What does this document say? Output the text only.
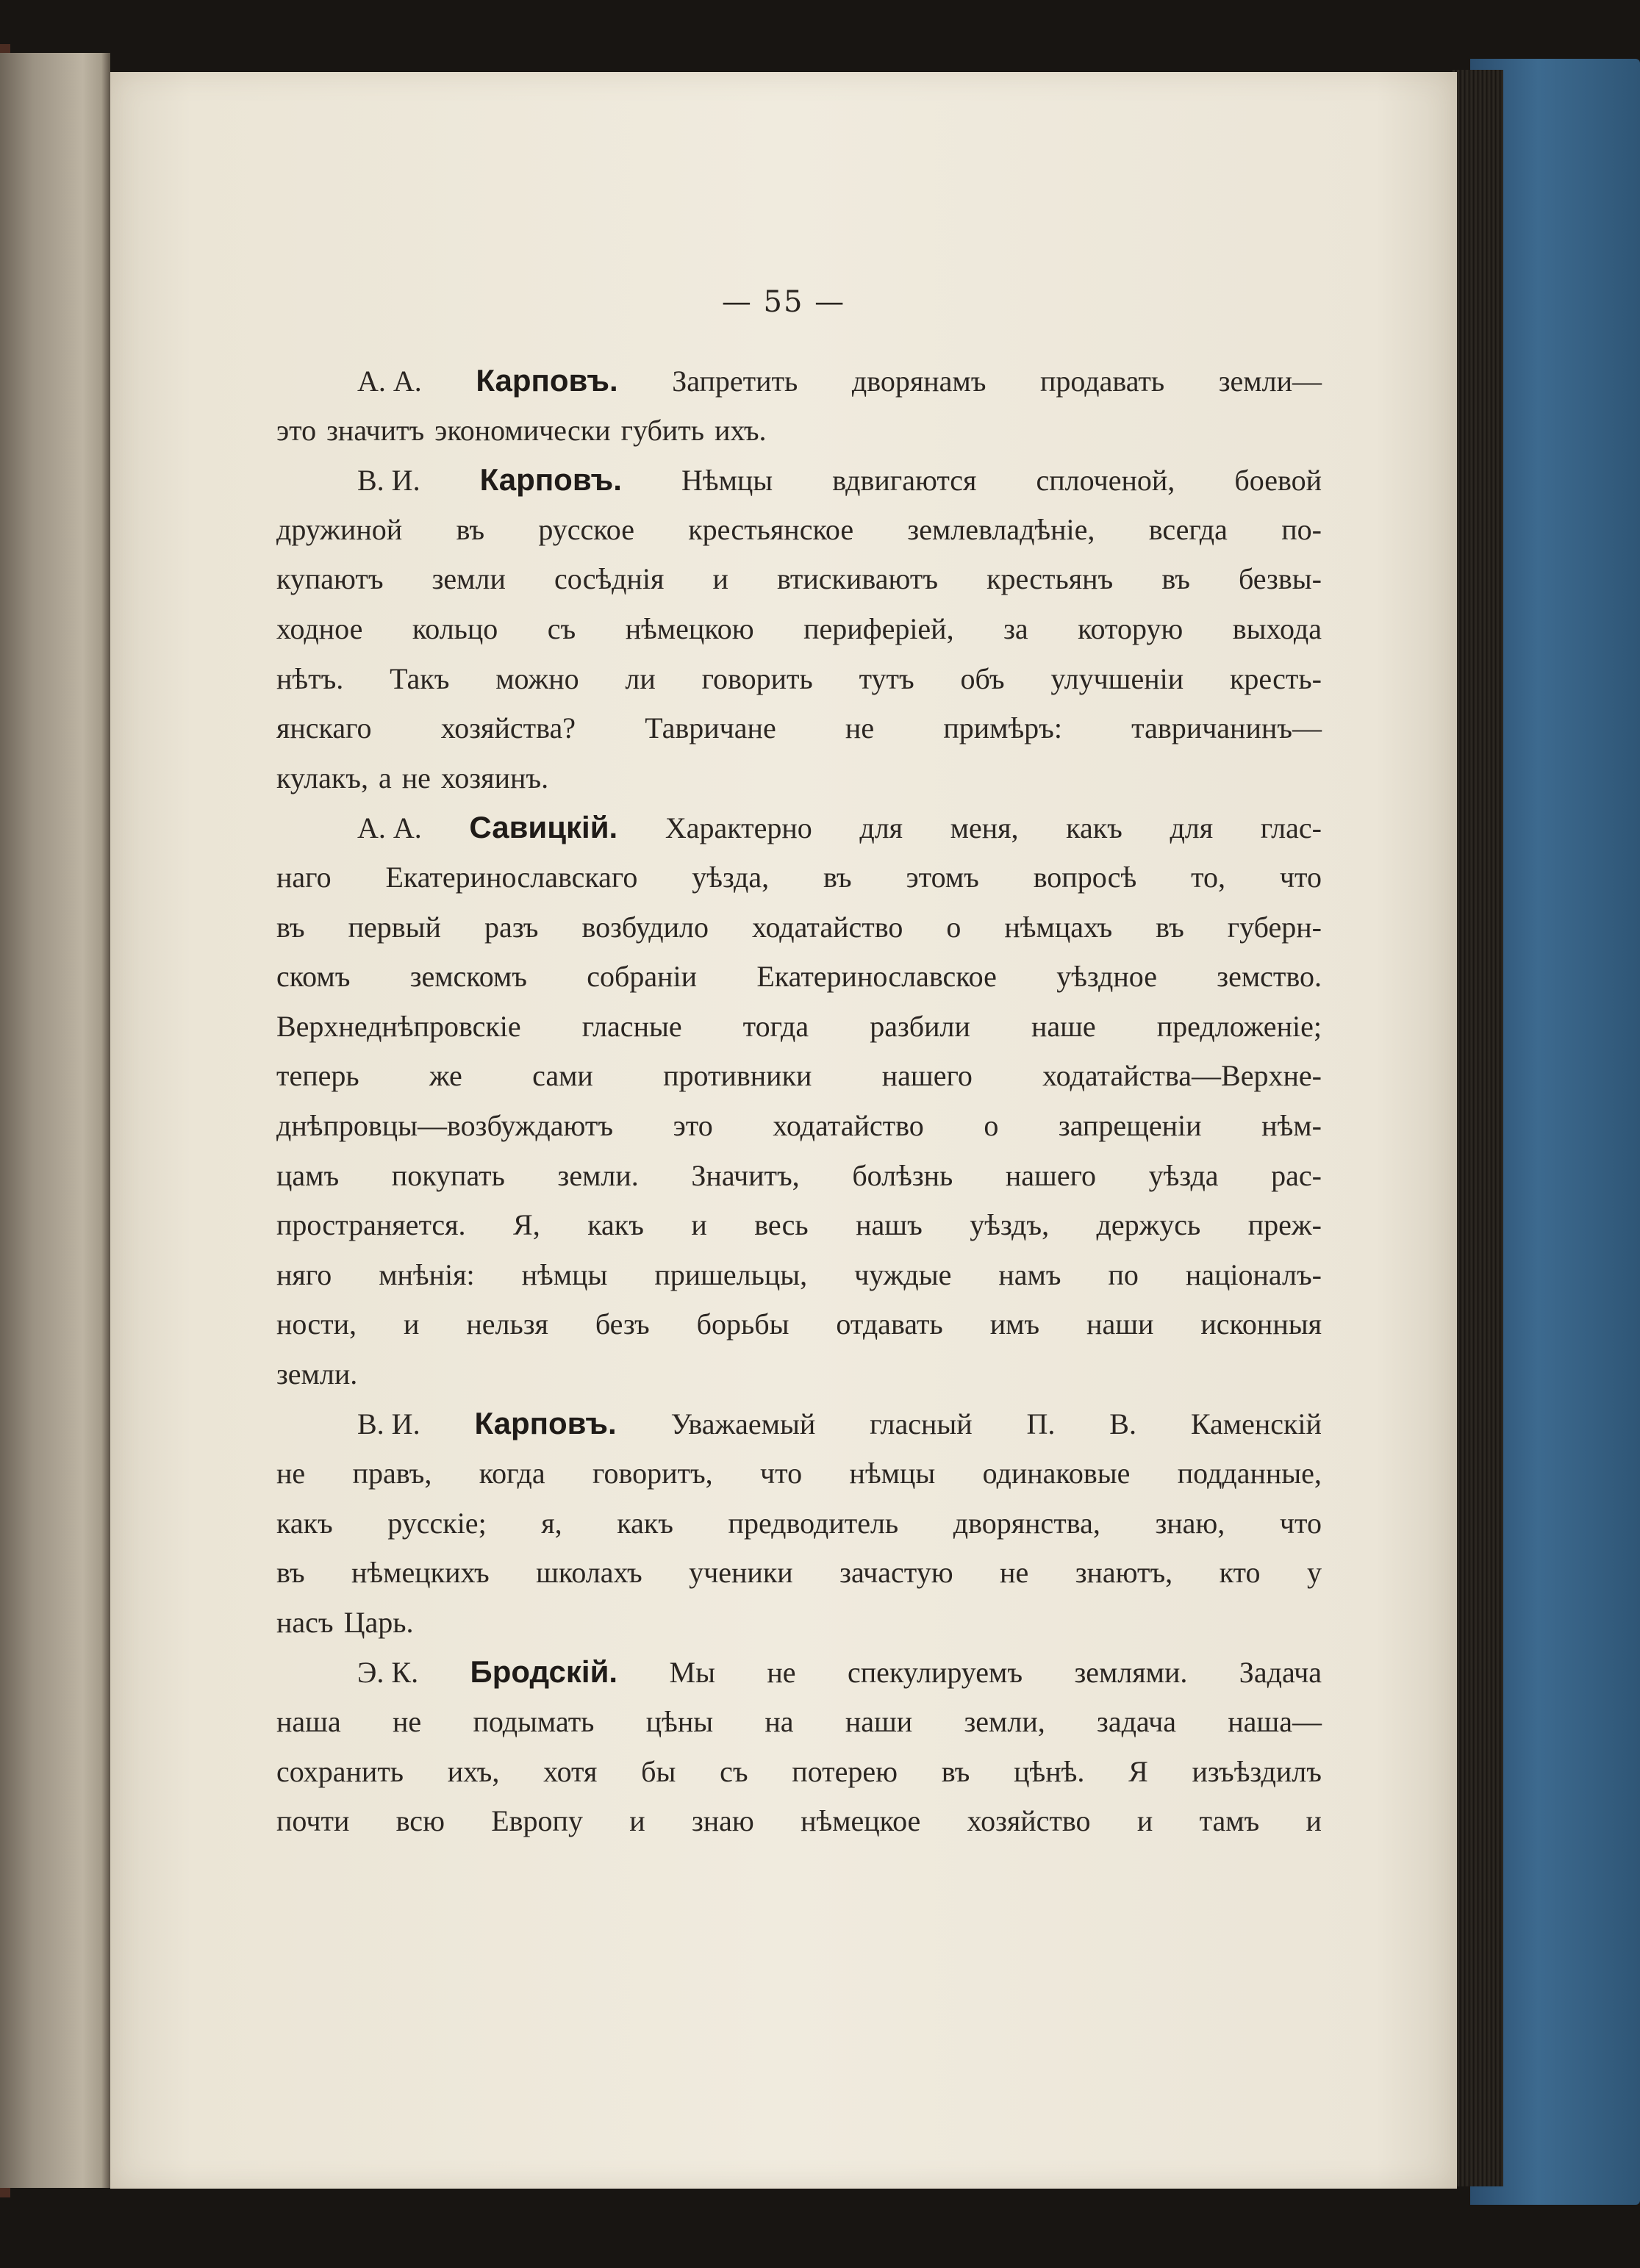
— 55 —
А. А. Карповъ. Запретить дворянамъ продавать земли—
это значитъ экономически губить ихъ.
В. И. Карповъ. Нѣмцы вдвигаются сплоченой, боевой
дружиной въ русское крестьянское землевладѣніе, всегда по-
купаютъ земли сосѣднія и втискиваютъ крестьянъ въ безвы-
ходное кольцо съ нѣмецкою периферіей, за которую выхода
нѣтъ. Такъ можно ли говорить тутъ объ улучшеніи кресть-
янскаго хозяйства? Тавричане не примѣръ: тавричанинъ—
кулакъ, а не хозяинъ.
А. А. Савицкій. Характерно для меня, какъ для глас-
наго Екатеринославскаго уѣзда, въ этомъ вопросѣ то, что
въ первый разъ возбудило ходатайство о нѣмцахъ въ губерн-
скомъ земскомъ собраніи Екатеринославское уѣздное земство.
Верхнеднѣпровскіе гласные тогда разбили наше предложеніе;
теперь же сами противники нашего ходатайства—Верхне-
днѣпровцы—возбуждаютъ это ходатайство о запрещеніи нѣм-
цамъ покупать земли. Значитъ, болѣзнь нашего уѣзда рас-
пространяется. Я, какъ и весь нашъ уѣздъ, держусь преж-
няго мнѣнія: нѣмцы пришельцы, чуждые намъ по націоналъ-
ности, и нельзя безъ борьбы отдавать имъ наши исконныя
земли.
В. И. Карповъ. Уважаемый гласный П. В. Каменскій
не правъ, когда говоритъ, что нѣмцы одинаковые подданные,
какъ русскіе; я, какъ предводитель дворянства, знаю, что
въ нѣмецкихъ школахъ ученики зачастую не знаютъ, кто у
насъ Царь.
Э. К. Бродскій. Мы не спекулируемъ землями. Задача
наша не подымать цѣны на наши земли, задача наша—
сохранить ихъ, хотя бы съ потерею въ цѣнѣ. Я изъѣздилъ
почти всю Европу и знаю нѣмецкое хозяйство и тамъ и
